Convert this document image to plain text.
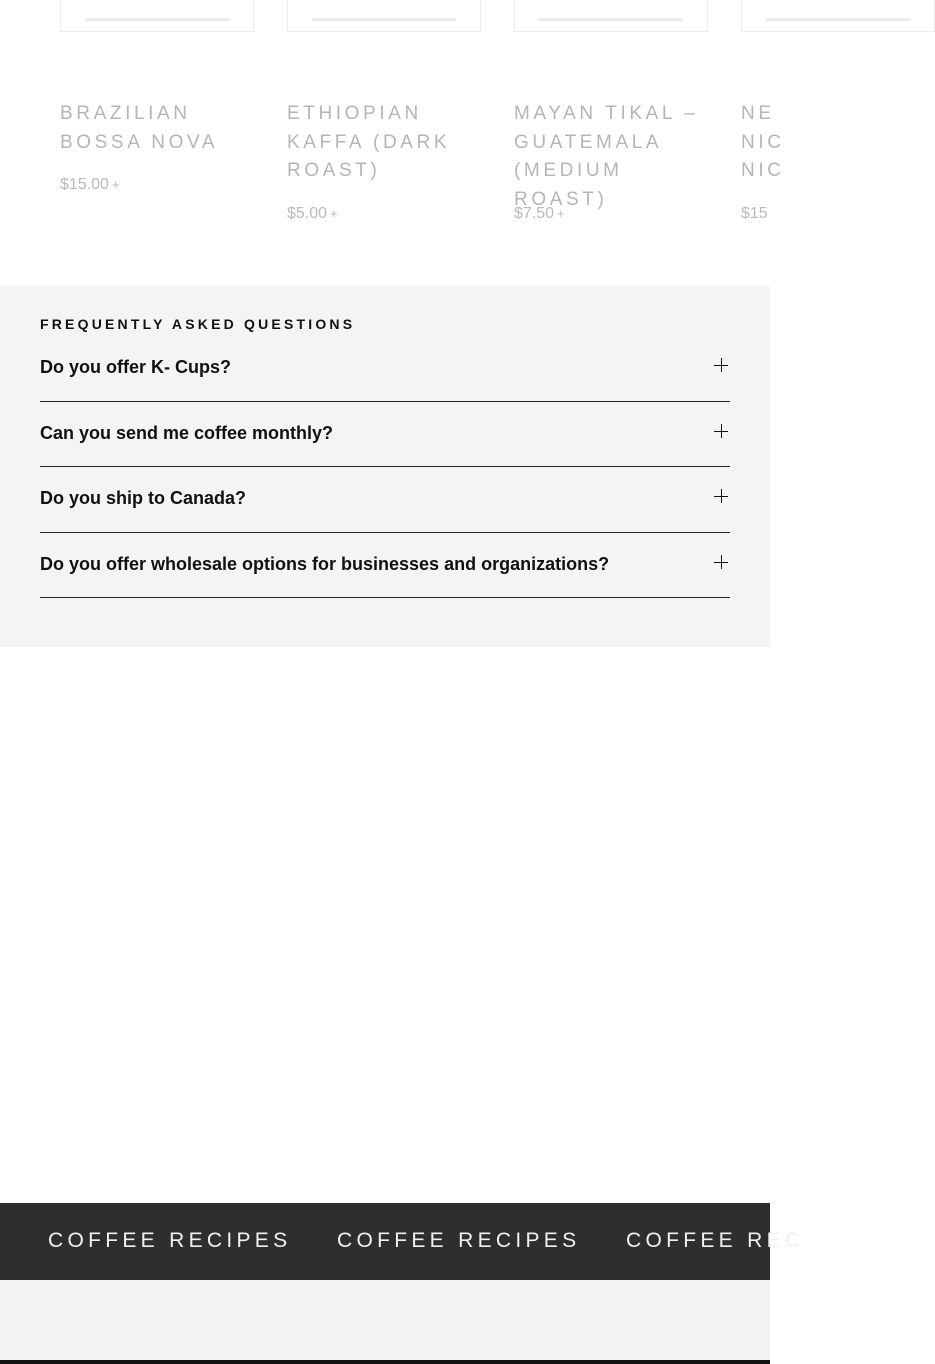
BRAZILIAN BOSSA NOVA
$15.00 +
ETHIOPIAN KAFFA (DARK ROAST)
$5.00 +
MAYAN TIKAL – GUATEMALA (MEDIUM ROAST)
$7.50 +
NE NIC NIC
$15
FREQUENTLY ASKED QUESTIONS
Do you offer K- Cups?
Can you send me coffee monthly?
Do you ship to Canada?
Do you offer wholesale options for businesses and organizations?
COFFEE RECIPES COFFEE RECIPES COFFEE REC
